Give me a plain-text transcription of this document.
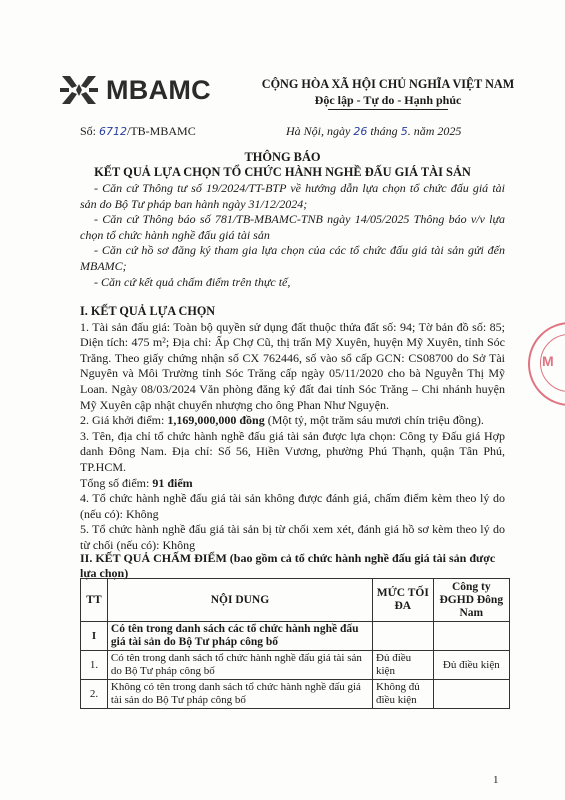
MBAMC	CỘNG HÒA XÃ HỘI CHỦ NGHĨA VIỆT NAM
Độc lập - Tự do - Hạnh phúc
Số: 6712/TB-MBAMC	Hà Nội, ngày 26 tháng 5. năm 2025
THÔNG BÁO
KẾT QUẢ LỰA CHỌN TỔ CHỨC HÀNH NGHỀ ĐẤU GIÁ TÀI SẢN

- Căn cứ Thông tư số 19/2024/TT-BTP về hướng dẫn lựa chọn tổ chức đấu giá tài sản do Bộ Tư pháp ban hành ngày 31/12/2024;

- Căn cứ Thông báo số 781/TB-MBAMC-TNB ngày 14/05/2025 Thông báo v/v lựa chọn tổ chức hành nghề đấu giá tài sản

- Căn cứ hồ sơ đăng ký tham gia lựa chọn của các tổ chức đấu giá tài sản gửi đến MBAMC;

- Căn cứ kết quả chấm điểm trên thực tế,

I. KẾT QUẢ LỰA CHỌN

1. Tài sản đấu giá: Toàn bộ quyền sử dụng đất thuộc thửa đất số: 94; Tờ bản đồ số: 85; Diện tích: 475 m²; Địa chỉ: Ấp Chợ Cũ, thị trấn Mỹ Xuyên, huyện Mỹ Xuyên, tỉnh Sóc Trăng. Theo giấy chứng nhận số CX 762446, số vào sổ cấp GCN: CS08700 do Sở Tài Nguyên và Môi Trường tỉnh Sóc Trăng cấp ngày 05/11/2020 cho bà Nguyễn Thị Mỹ Loan. Ngày 08/03/2024 Văn phòng đăng ký đất đai tỉnh Sóc Trăng – Chi nhánh huyện Mỹ Xuyên cập nhật chuyển nhượng cho ông Phan Như Nguyện.

2. Giá khởi điểm: 1,169,000,000 đồng (Một tỷ, một trăm sáu mươi chín triệu đồng).

3. Tên, địa chỉ tổ chức hành nghề đấu giá tài sản được lựa chọn: Công ty Đấu giá Hợp danh Đông Nam. Địa chỉ: Số 56, Hiền Vương, phường Phú Thạnh, quận Tân Phú, TP.HCM.

Tổng số điểm: 91 điểm

4. Tổ chức hành nghề đấu giá tài sản không được đánh giá, chấm điểm kèm theo lý do (nếu có): Không

5. Tổ chức hành nghề đấu giá tài sản bị từ chối xem xét, đánh giá hồ sơ kèm theo lý do từ chối (nếu có): Không

II. KẾT QUẢ CHẤM ĐIỂM (bao gồm cả tổ chức hành nghề đấu giá tài sản được lựa chọn)
TT	NỘI DUNG	MỨC TỐI ĐA	Công ty ĐGHD Đông Nam
I	Có tên trong danh sách các tổ chức hành nghề đấu giá tài sản do Bộ Tư pháp công bố		
1.	Có tên trong danh sách tổ chức hành nghề đấu giá tài sản do Bộ Tư pháp công bố	Đủ điều kiện	Đủ điều kiện
2.	Không có tên trong danh sách tổ chức hành nghề đấu giá tài sản do Bộ Tư pháp công bố	Không đủ điều kiện	
M
1
